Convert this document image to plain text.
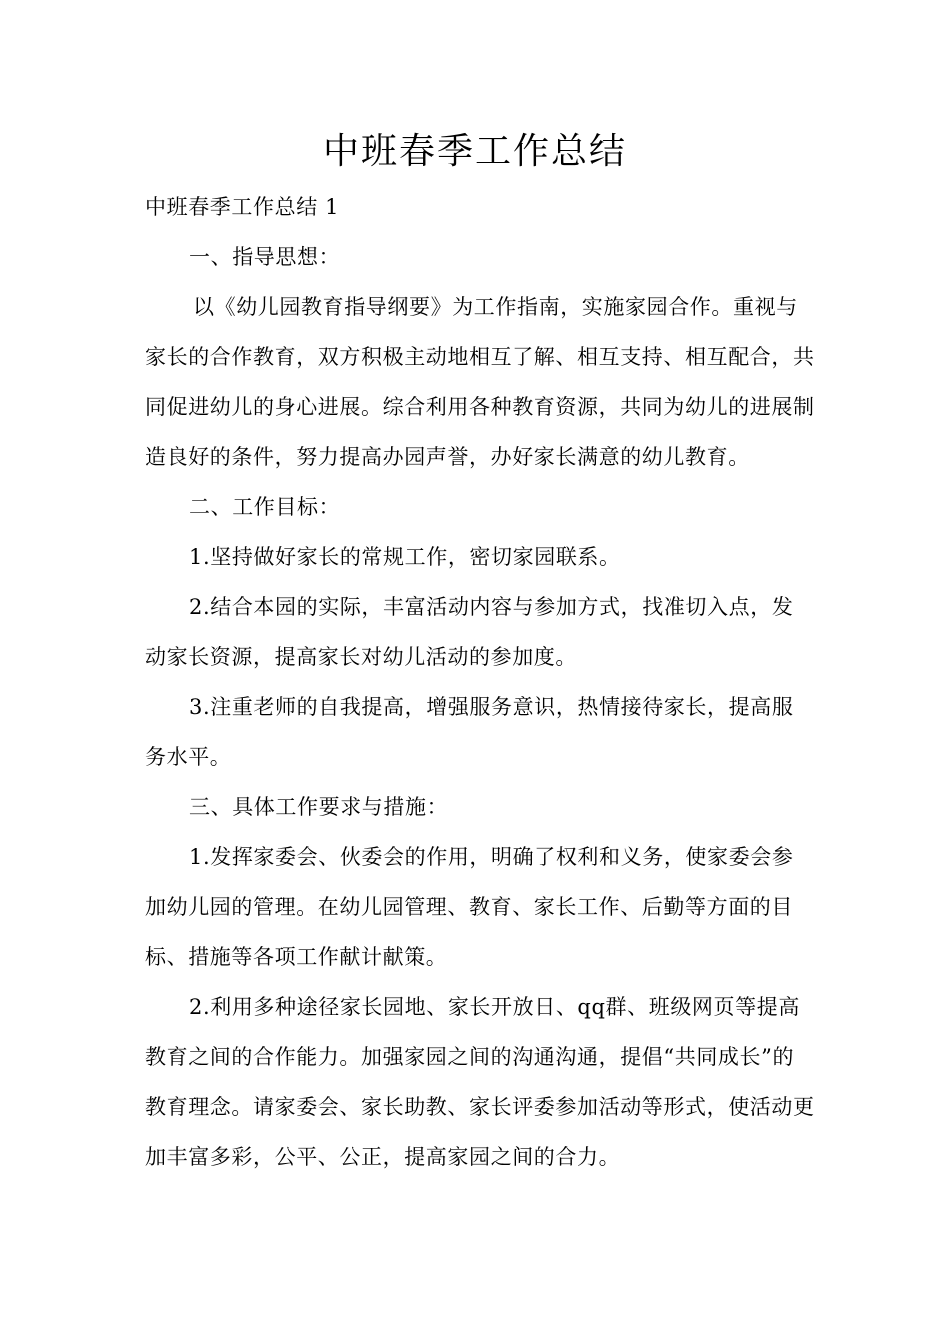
中班春季工作总结

中班春季工作总结 1

一、指导思想：

以《幼儿园教育指导纲要》为工作指南，实施家园合作。重视与家长的合作教育，双方积极主动地相互了解、相互支持、相互配合，共同促进幼儿的身心进展。综合利用各种教育资源，共同为幼儿的进展制造良好的条件，努力提高办园声誉，办好家长满意的幼儿教育。

二、工作目标：

1.坚持做好家长的常规工作，密切家园联系。

2.结合本园的实际，丰富活动内容与参加方式，找准切入点，发动家长资源，提高家长对幼儿活动的参加度。

3.注重老师的自我提高，增强服务意识，热情接待家长，提高服务水平。

三、具体工作要求与措施：

1.发挥家委会、伙委会的作用，明确了权利和义务，使家委会参加幼儿园的管理。在幼儿园管理、教育、家长工作、后勤等方面的目标、措施等各项工作献计献策。

2.利用多种途径家长园地、家长开放日、qq群、班级网页等提高教育之间的合作能力。加强家园之间的沟通沟通，提倡“共同成长”的教育理念。请家委会、家长助教、家长评委参加活动等形式，使活动更加丰富多彩，公平、公正，提高家园之间的合力。
